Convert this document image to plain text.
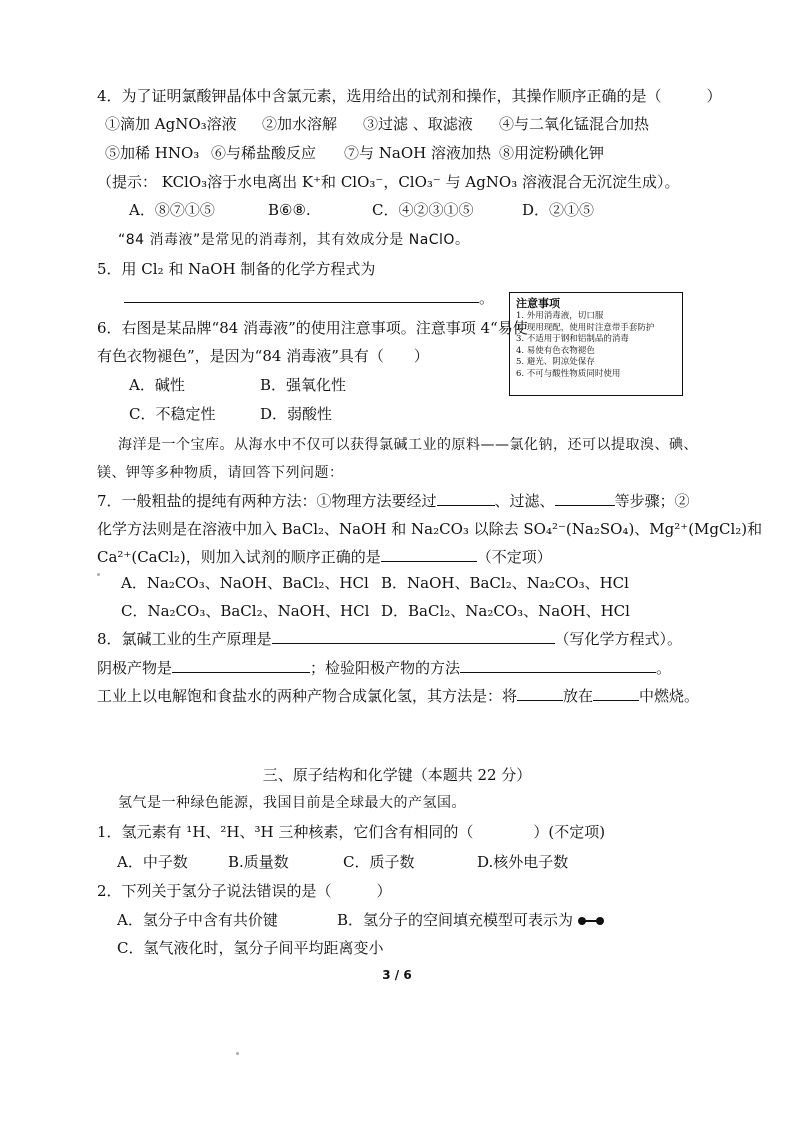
4．为了证明氯酸钾晶体中含氯元素，选用给出的试剂和操作，其操作顺序正确的是（　　　）
①滴加 AgNO₃溶液 ②加水溶解 ③过滤 、取滤液 ④与二氧化锰混合加热
⑤加稀 HNO₃ ⑥与稀盐酸反应 ⑦与 NaOH 溶液加热 ⑧用淀粉碘化钾
（提示： KClO₃溶于水电离出 K⁺和 ClO₃⁻，ClO₃⁻ 与 AgNO₃ 溶液混合无沉淀生成）。
A．⑧⑦①⑤	B⑥⑧.	C．④②③①⑤	D．②①⑤
“84 消毒液”是常见的消毒剂，其有效成分是 NaClO。
5．用 Cl₂ 和 NaOH 制备的化学方程式为
。
6．右图是某品牌“84 消毒液”的使用注意事项。注意事项 4“易使
有色衣物褪色”，是因为“84 消毒液”具有（　　）
A．碱性	B．强氧化性
C．不稳定性	D．弱酸性
注意事项
1. 外用消毒液，切口服
2. 现用现配，使用时注意带手套防护
3. 不适用于钢和铝制品的消毒
4. 易使有色衣物褪色
5. 避光、阴凉处保存
6. 不可与酸性物质同时使用
海洋是一个宝库。从海水中不仅可以获得氯碱工业的原料——氯化钠，还可以提取溴、碘、
镁、钾等多种物质，请回答下列问题：
7．一般粗盐的提纯有两种方法：①物理方法要经过	、过滤、	等步骤；②
化学方法则是在溶液中加入 BaCl₂、NaOH 和 Na₂CO₃ 以除去 SO₄²⁻(Na₂SO₄)、Mg²⁺(MgCl₂)和
Ca²⁺(CaCl₂)，则加入试剂的顺序正确的是	（不定项）
A．Na₂CO₃、NaOH、BaCl₂、HCl B．NaOH、BaCl₂、Na₂CO₃、HCl
C．Na₂CO₃、BaCl₂、NaOH、HCl D．BaCl₂、Na₂CO₃、NaOH、HCl
8．氯碱工业的生产原理是	（写化学方程式）。
阴极产物是	；检验阳极产物的方法	。
工业上以电解饱和食盐水的两种产物合成氯化氢，其方法是：将	放在	中燃烧。
三、原子结构和化学键（本题共 22 分）
氢气是一种绿色能源，我国目前是全球最大的产氢国。
1．氢元素有 ¹H、²H、³H 三种核素，它们含有相同的（　　　　）(不定项)
A．中子数	B.质量数	C．质子数	D.核外电子数
2．下列关于氢分子说法错误的是（　　　）
A．氢分子中含有共价键	B．氢分子的空间填充模型可表示为
C．氢气液化时，氢分子间平均距离变小
3 / 6
